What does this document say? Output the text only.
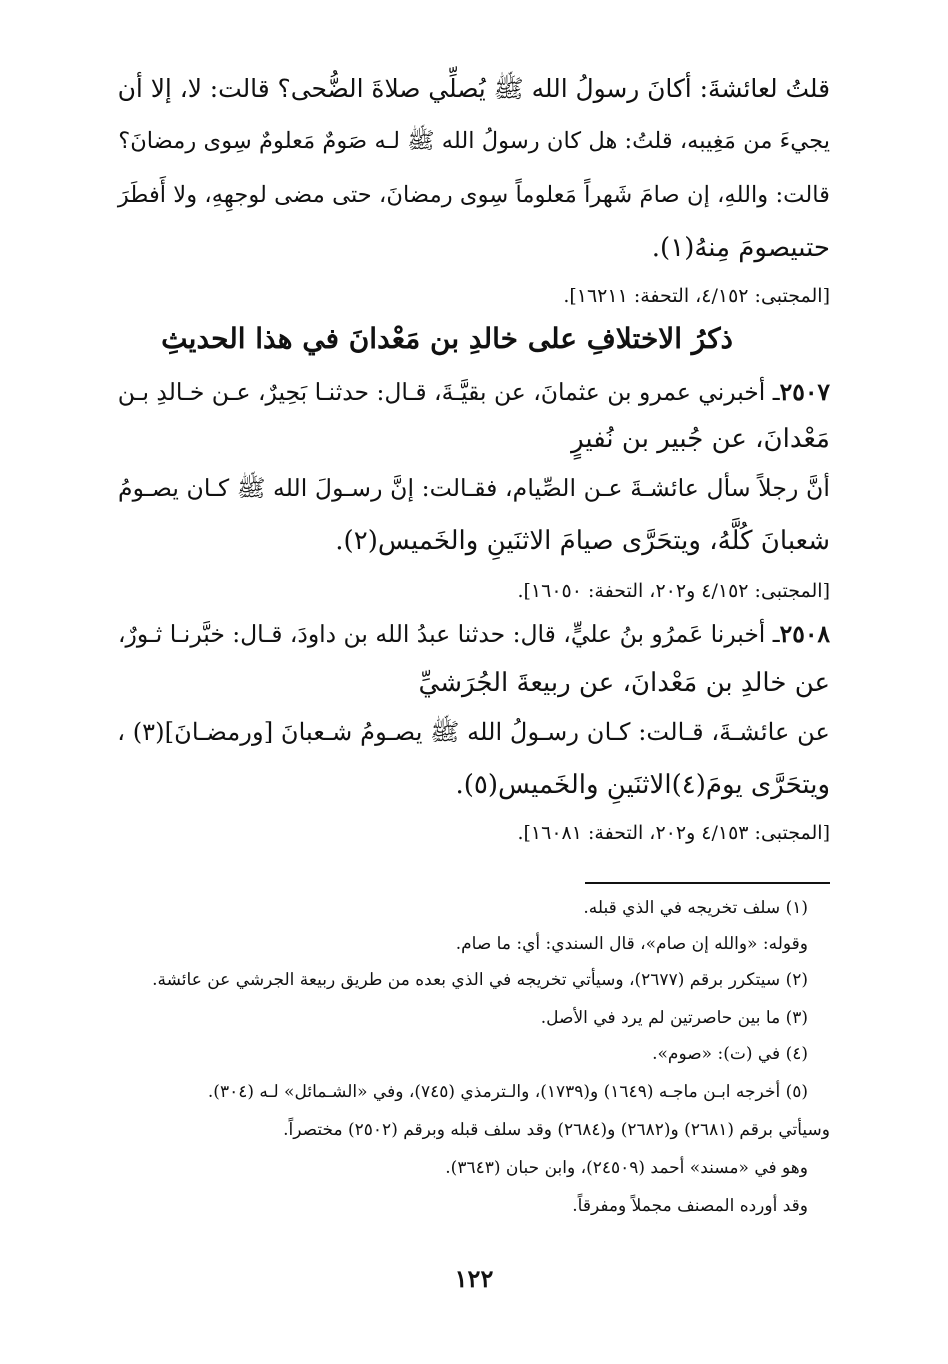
قلتُ لعائشةَ: أكانَ رسولُ الله ﷺ يُصلِّي صلاةَ الضُّحى؟ قالت: لا، إلا أن
يجيءَ من مَغِيبه، قلتُ: هل كان رسولُ الله ﷺ لـه صَومٌ مَعلومٌ سِوى رمضانَ؟
قالت: واللهِ، إن صامَ شَهراً مَعلوماً سِوى رمضانَ، حتى مضى لوجهِهِ، ولا أَفطَرَ
حتىيصومَ مِنهُ(١).
[المجتبى: ٤/١٥٢، التحفة: ١٦٢١١].
ذكرُ الاختلافِ على خالدِ بن مَعْدانَ في هذا الحديثِ
٢٥٠٧ـ أخبرني عمرو بن عثمانَ، عن بقيَّـةَ، قـال: حدثنـا بَحِيرٌ، عـن خـالدِ بـن
مَعْدانَ، عن جُبير بن نُفيرٍ
أنَّ رجلاً سأل عائشـةَ عـن الصِّيام، فقـالت: إنَّ رسـولَ الله ﷺ كـان يصـومُ
شعبانَ كُلَّهُ، ويتحَرَّى صيامَ الاثنَينِ والخَميس(٢).
[المجتبى: ٤/١٥٢ و٢٠٢، التحفة: ١٦٠٥٠].
٢٥٠٨ـ أخبرنا عَمرُو بنُ عليٍّ، قال: حدثنا عبدُ الله بن داودَ، قـال: خبَّرنـا ثـورٌ،
عن خالدِ بن مَعْدانَ، عن ربيعةَ الجُرَشيِّ
عن عائشـةَ، قـالت: كـان رسـولُ الله ﷺ يصـومُ شـعبانَ [ورمضـانَ](٣) ،
ويتحَرَّى يومَ(٤)الاثنَينِ والخَميس(٥).
[المجتبى: ٤/١٥٣ و٢٠٢، التحفة: ١٦٠٨١].
(١) سلف تخريجه في الذي قبله.
وقوله: «والله إن صام»، قال السندي: أي: ما صام.
(٢) سيتكرر برقم (٢٦٧٧)، وسيأتي تخريجه في الذي بعده من طريق ربيعة الجرشي عن عائشة.
(٣) ما بين حاصرتين لم يرد في الأصل.
(٤) في (ت): «صوم».
(٥) أخرجه ابـن ماجـه (١٦٤٩) و(١٧٣٩)، والـترمذي (٧٤٥)، وفي «الشـمائل» لـه (٣٠٤).
وسيأتي برقم (٢٦٨١) و(٢٦٨٢) و(٢٦٨٤) وقد سلف قبله وبرقم (٢٥٠٢) مختصراً.
وهو في «مسند» أحمد (٢٤٥٠٩)، وابن حبان (٣٦٤٣).
وقد أورده المصنف مجملاً ومفرقاً.
١٢٢
